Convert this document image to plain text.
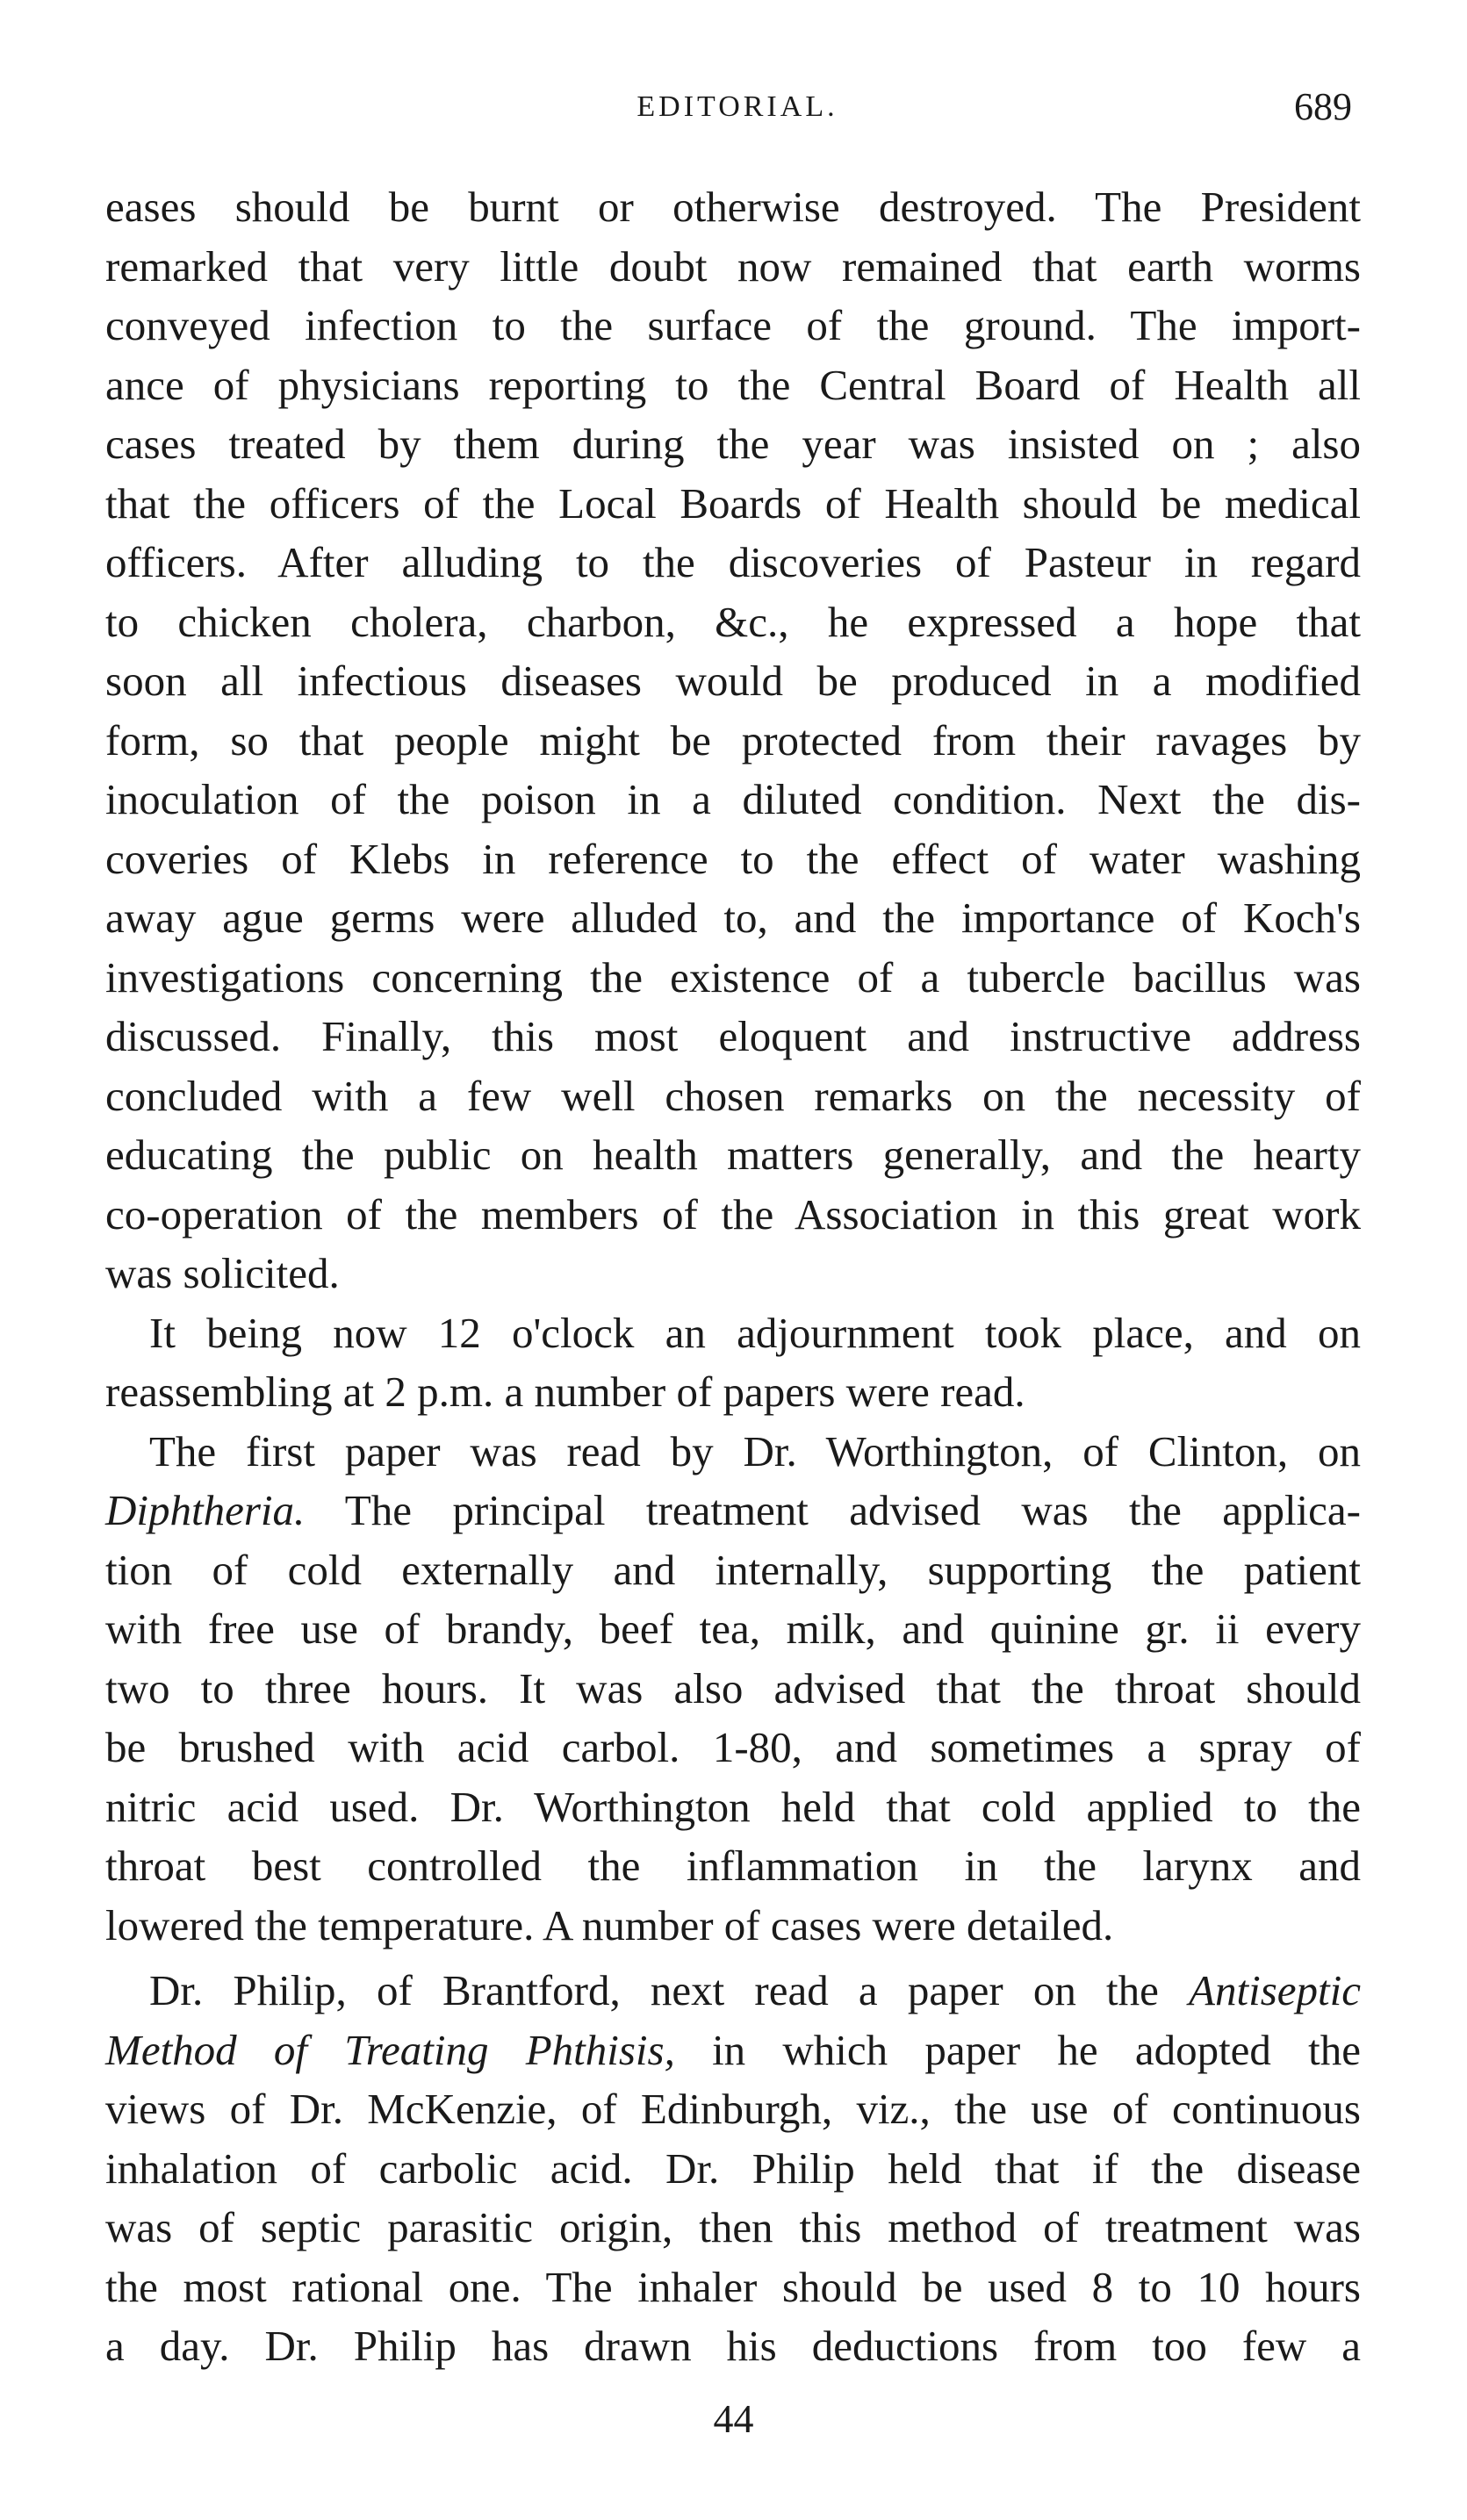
EDITORIAL.	689
eases should be burnt or otherwise destroyed. The President
remarked that very little doubt now remained that earth worms
conveyed infection to the surface of the ground. The import-
ance of physicians reporting to the Central Board of Health all
cases treated by them during the year was insisted on ; also
that the officers of the Local Boards of Health should be medical
officers. After alluding to the discoveries of Pasteur in regard
to chicken cholera, charbon, &c., he expressed a hope that
soon all infectious diseases would be produced in a modified
form, so that people might be protected from their ravages by
inoculation of the poison in a diluted condition. Next the dis-
coveries of Klebs in reference to the effect of water washing
away ague germs were alluded to, and the importance of Koch's
investigations concerning the existence of a tubercle bacillus was
discussed. Finally, this most eloquent and instructive address
concluded with a few well chosen remarks on the necessity of
educating the public on health matters generally, and the hearty
co-operation of the members of the Association in this great work
was solicited.
It being now 12 o'clock an adjournment took place, and on
reassembling at 2 p.m. a number of papers were read.
The first paper was read by Dr. Worthington, of Clinton, on
Diphtheria. The principal treatment advised was the applica-
tion of cold externally and internally, supporting the patient
with free use of brandy, beef tea, milk, and quinine gr. ii every
two to three hours. It was also advised that the throat should
be brushed with acid carbol. 1-80, and sometimes a spray of
nitric acid used. Dr. Worthington held that cold applied to the
throat best controlled the inflammation in the larynx and
lowered the temperature. A number of cases were detailed.
Dr. Philip, of Brantford, next read a paper on the Antiseptic
Method of Treating Phthisis, in which paper he adopted the
views of Dr. McKenzie, of Edinburgh, viz., the use of continuous
inhalation of carbolic acid. Dr. Philip held that if the disease
was of septic parasitic origin, then this method of treatment was
the most rational one. The inhaler should be used 8 to 10 hours
a day. Dr. Philip has drawn his deductions from too few a
44
